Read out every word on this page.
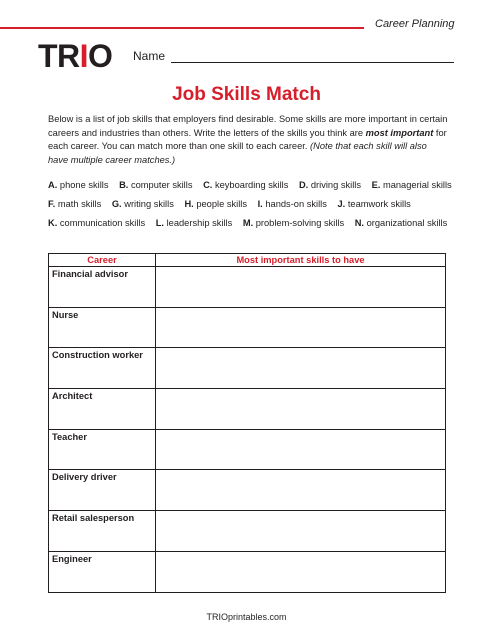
Career Planning
TRIO Name
Job Skills Match

Below is a list of job skills that employers find desirable. Some skills are more important in certain careers and industries than others. Write the letters of the skills you think are most important for each career. You can match more than one skill to each career. (Note that each skill will also have multiple career matches.)

A. phone skills B. computer skills C. keyboarding skills D. driving skills E. managerial skills
F. math skills G. writing skills H. people skills I. hands-on skills J. teamwork skills
K. communication skills L. leadership skills M. problem-solving skills N. organizational skills
Career	Most important skills to have
Financial advisor	
Nurse	
Construction worker	
Architect	
Teacher	
Delivery driver	
Retail salesperson	
Engineer	
TRIOprintables.com
